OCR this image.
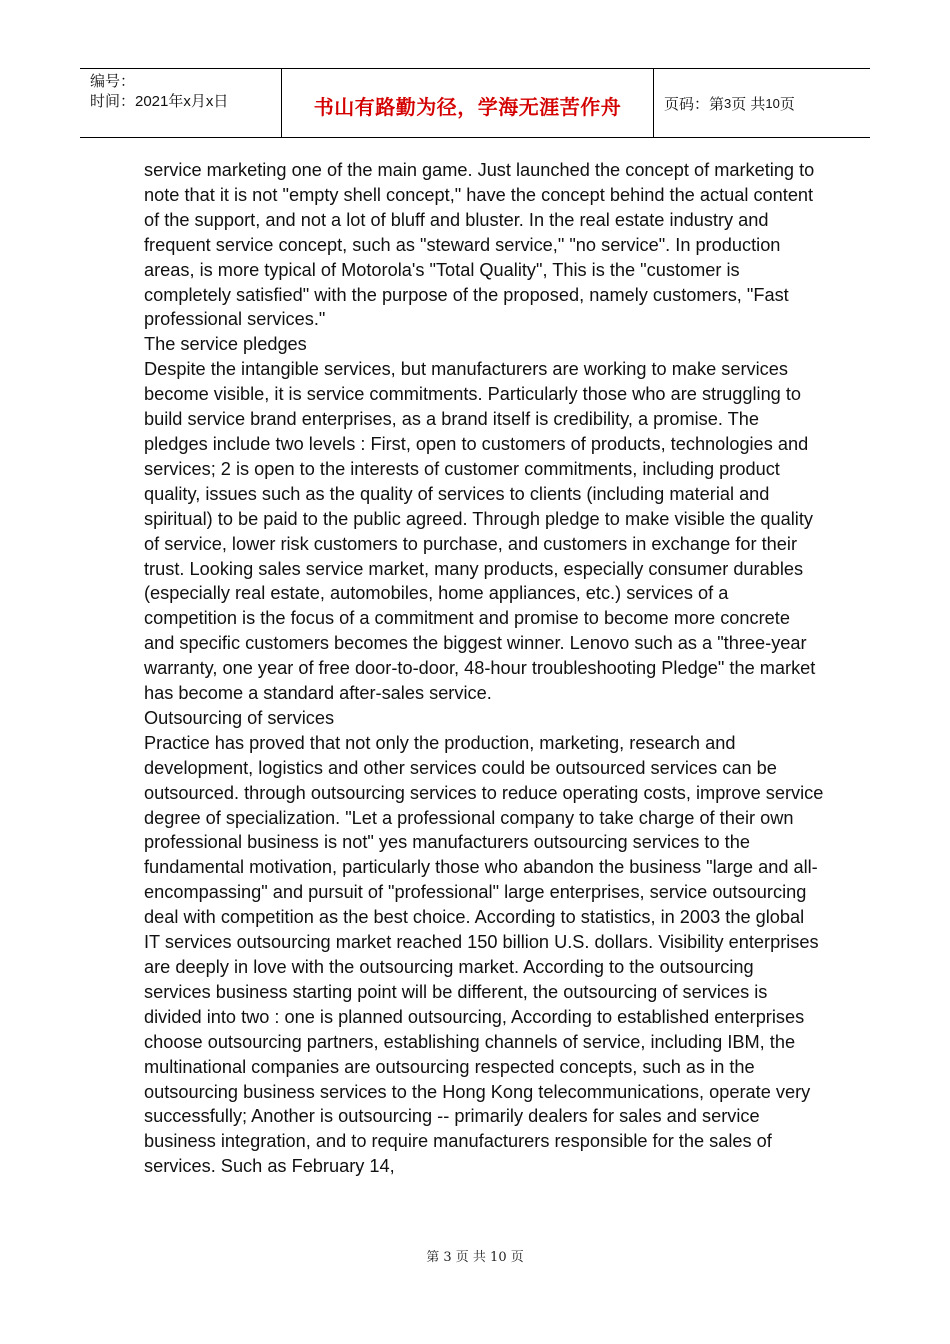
编号：
时间：2021年x月x日	书山有路勤为径，学海无涯苦作舟	页码：第 3 页 共 10 页

service marketing one of the main game. Just launched the concept of marketing to note that it is not "empty shell concept," have the concept behind the actual content of the support, and not a lot of bluff and bluster. In the real estate industry and frequent service concept, such as "steward service," "no service". In production areas, is more typical of Motorola's "Total Quality", This is the "customer is completely satisfied" with the purpose of the proposed, namely customers, "Fast professional services."

The service pledges

Despite the intangible services, but manufacturers are working to make services become visible, it is service commitments. Particularly those who are struggling to build service brand enterprises, as a brand itself is credibility, a promise. The pledges include two levels : First, open to customers of products, technologies and services; 2 is open to the interests of customer commitments, including product quality, issues such as the quality of services to clients (including material and spiritual) to be paid to the public agreed. Through pledge to make visible the quality of service, lower risk customers to purchase, and customers in exchange for their trust. Looking sales service market, many products, especially consumer durables (especially real estate, automobiles, home appliances, etc.) services of a competition is the focus of a commitment and promise to become more concrete and specific customers becomes the biggest winner. Lenovo such as a "three-year warranty, one year of free door-to-door, 48-hour troubleshooting Pledge" the market has become a standard after-sales service.

Outsourcing of services

Practice has proved that not only the production, marketing, research and development, logistics and other services could be outsourced services can be outsourced. through outsourcing services to reduce operating costs, improve service degree of specialization. "Let a professional company to take charge of their own professional business is not" yes manufacturers outsourcing services to the fundamental motivation, particularly those who abandon the business "large and all-encompassing" and pursuit of "professional" large enterprises, service outsourcing deal with competition as the best choice. According to statistics, in 2003 the global IT services outsourcing market reached 150 billion U.S. dollars. Visibility enterprises are deeply in love with the outsourcing market. According to the outsourcing services business starting point will be different, the outsourcing of services is divided into two : one is planned outsourcing, According to established enterprises choose outsourcing partners, establishing channels of service, including IBM, the multinational companies are outsourcing respected concepts, such as in the outsourcing business services to the Hong Kong telecommunications, operate very successfully; Another is outsourcing -- primarily dealers for sales and service business integration, and to require manufacturers responsible for the sales of services. Such as February 14,

第 3 页 共 10 页
